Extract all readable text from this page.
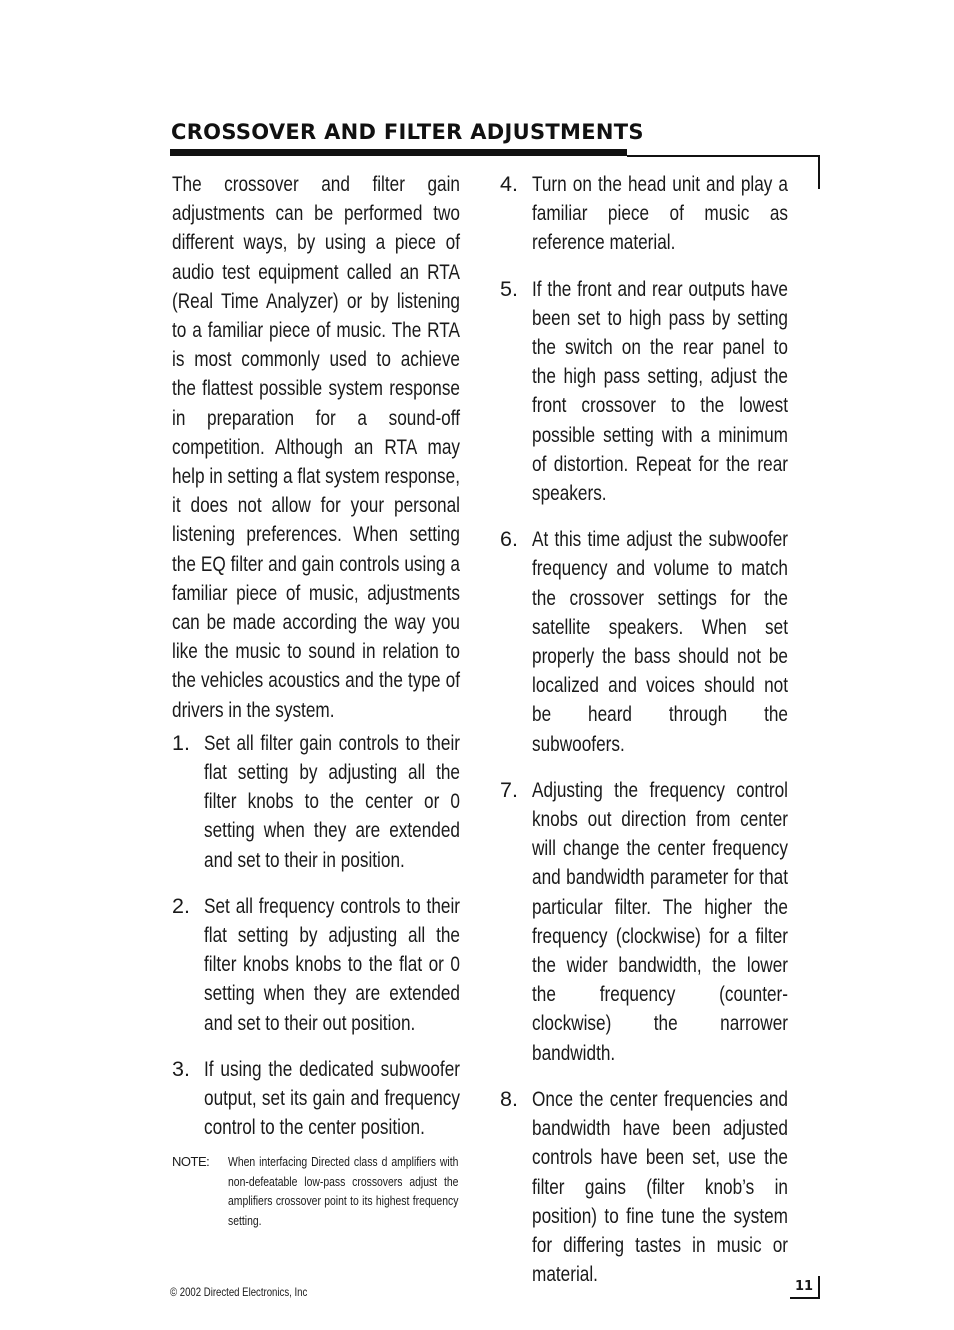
CROSSOVER AND FILTER ADJUSTMENTS

The crossover and filter gain adjustments can be performed two different ways, by using a piece of audio test equipment called an RTA (Real Time Analyzer) or by listening to a familiar piece of music. The RTA is most commonly used to achieve the flattest possible system response in preparation for a sound-off competition. Although an RTA may help in setting a flat system response, it does not allow for your personal listening preferences. When setting the EQ filter and gain controls using a familiar piece of music, adjustments can be made according the way you like the music to sound in relation to the vehicles acoustics and the type of drivers in the system.

1. Set all filter gain controls to their flat setting by adjusting all the filter knobs to the center or 0 setting when they are extended and set to their in position.
2. Set all frequency controls to their flat setting by adjusting all the filter knobs knobs to the flat or 0 setting when they are extended and set to their out position.
3. If using the dedicated subwoofer output, set its gain and frequency control to the center position.
NOTE: When interfacing Directed class d amplifiers with non-defeatable low-pass crossovers adjust the amplifiers crossover point to its highest frequency setting.
4. Turn on the head unit and play a familiar piece of music as reference material.
5. If the front and rear outputs have been set to high pass by setting the switch on the rear panel to the high pass setting, adjust the front crossover to the lowest possible setting with a minimum of distortion. Repeat for the rear speakers.
6. At this time adjust the subwoofer frequency and volume to match the crossover settings for the satellite speakers. When set properly the bass should not be localized and voices should not be heard through the subwoofers.
7. Adjusting the frequency control knobs out direction from center will change the center frequency and bandwidth parameter for that particular filter. The higher the frequency (clockwise) for a filter the wider bandwidth, the lower the frequency (counter-clockwise) the narrower bandwidth.
8. Once the center frequencies and bandwidth have been adjusted controls have been set, use the filter gains (filter knob’s in position) to fine tune the system for differing tastes in music or material.
© 2002 Directed Electronics, Inc	11
